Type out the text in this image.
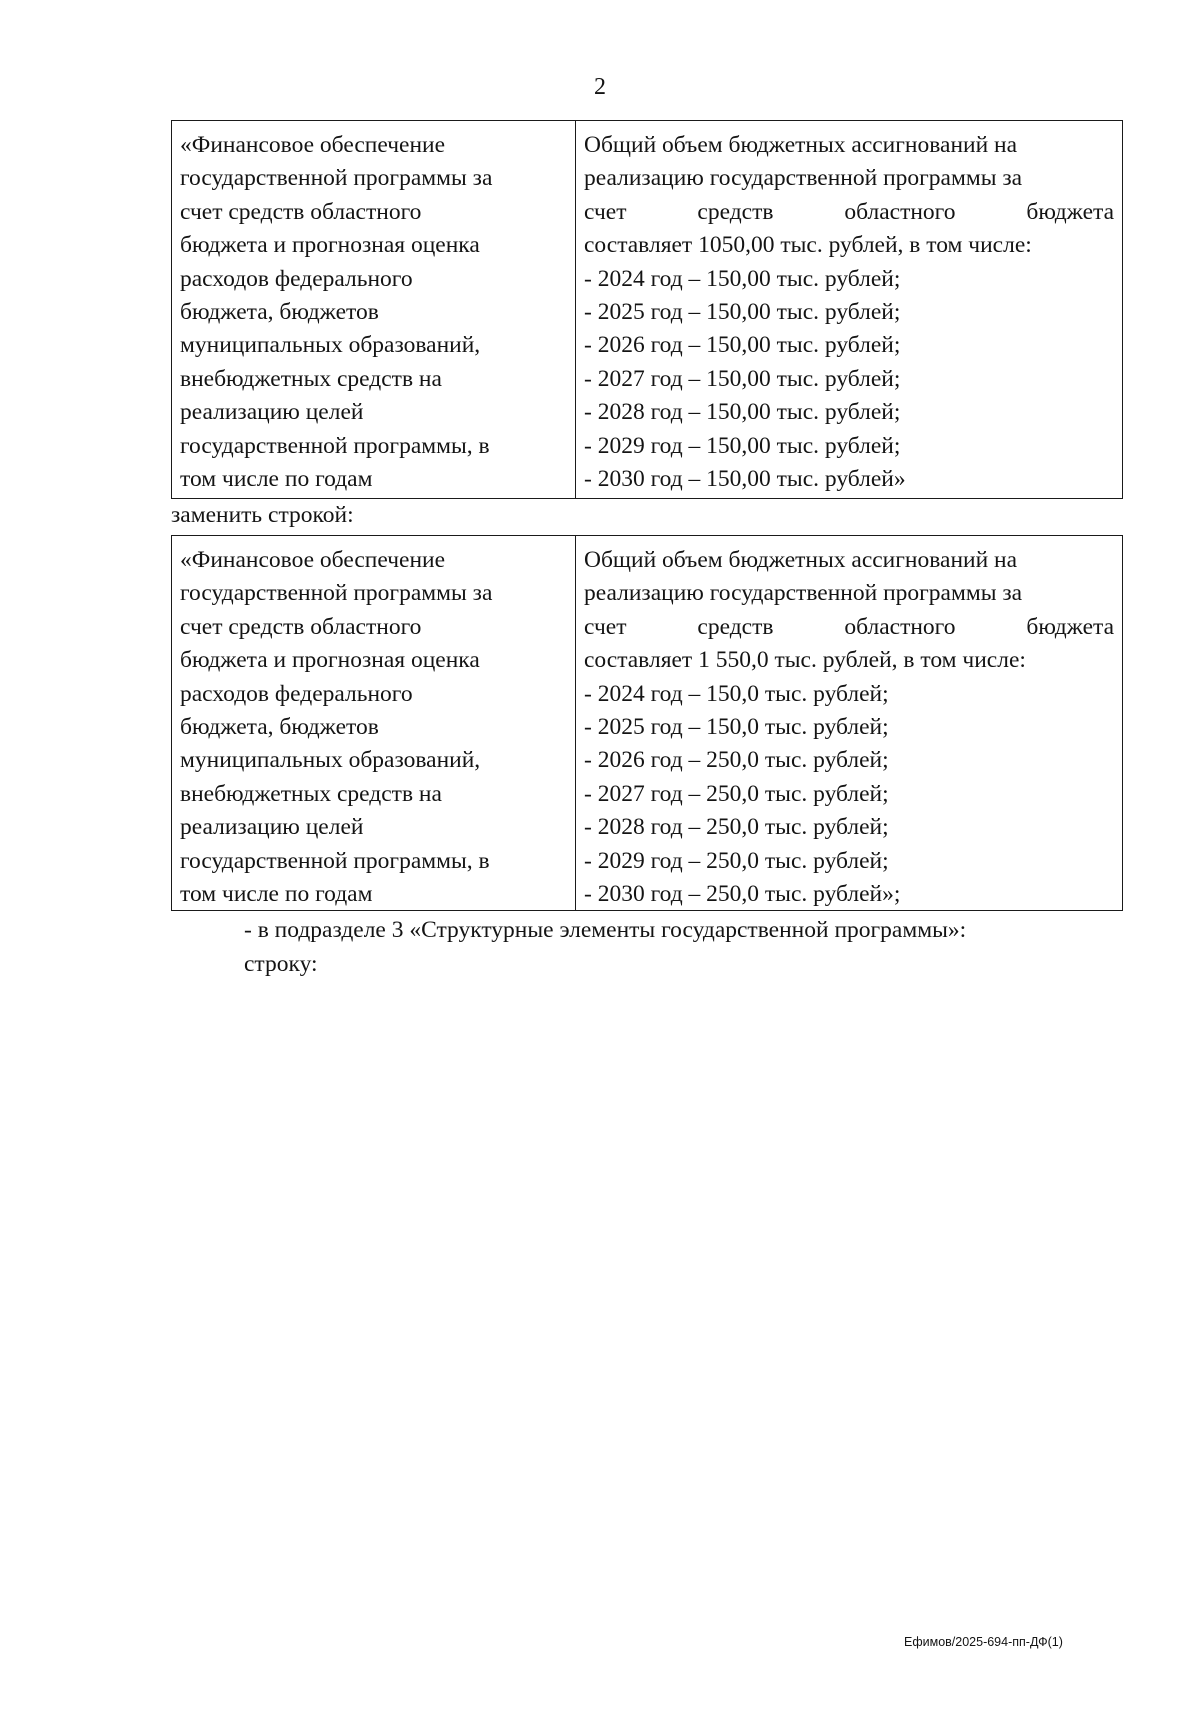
2
«Финансовое обеспечение
государственной программы за
счет средств областного
бюджета и прогнозная оценка
расходов федерального
бюджета, бюджетов
муниципальных образований,
внебюджетных средств на
реализацию целей
государственной программы, в
том числе по годам
Общий объем бюджетных ассигнований на
реализацию государственной программы за
счет средств областного бюджета
составляет 1050,00 тыс. рублей, в том числе:
- 2024 год – 150,00 тыс. рублей;
- 2025 год – 150,00 тыс. рублей;
- 2026 год – 150,00 тыс. рублей;
- 2027 год – 150,00 тыс. рублей;
- 2028 год – 150,00 тыс. рублей;
- 2029 год – 150,00 тыс. рублей;
- 2030 год – 150,00 тыс. рублей»
заменить строкой:
«Финансовое обеспечение
государственной программы за
счет средств областного
бюджета и прогнозная оценка
расходов федерального
бюджета, бюджетов
муниципальных образований,
внебюджетных средств на
реализацию целей
государственной программы, в
том числе по годам
Общий объем бюджетных ассигнований на
реализацию государственной программы за
счет средств областного бюджета
составляет 1 550,0 тыс. рублей, в том числе:
- 2024 год – 150,0 тыс. рублей;
- 2025 год – 150,0 тыс. рублей;
- 2026 год – 250,0 тыс. рублей;
- 2027 год – 250,0 тыс. рублей;
- 2028 год – 250,0 тыс. рублей;
- 2029 год – 250,0 тыс. рублей;
- 2030 год – 250,0 тыс. рублей»;
- в подразделе 3 «Структурные элементы государственной программы»:
строку:
Ефимов/2025-694-пп-ДФ(1)
